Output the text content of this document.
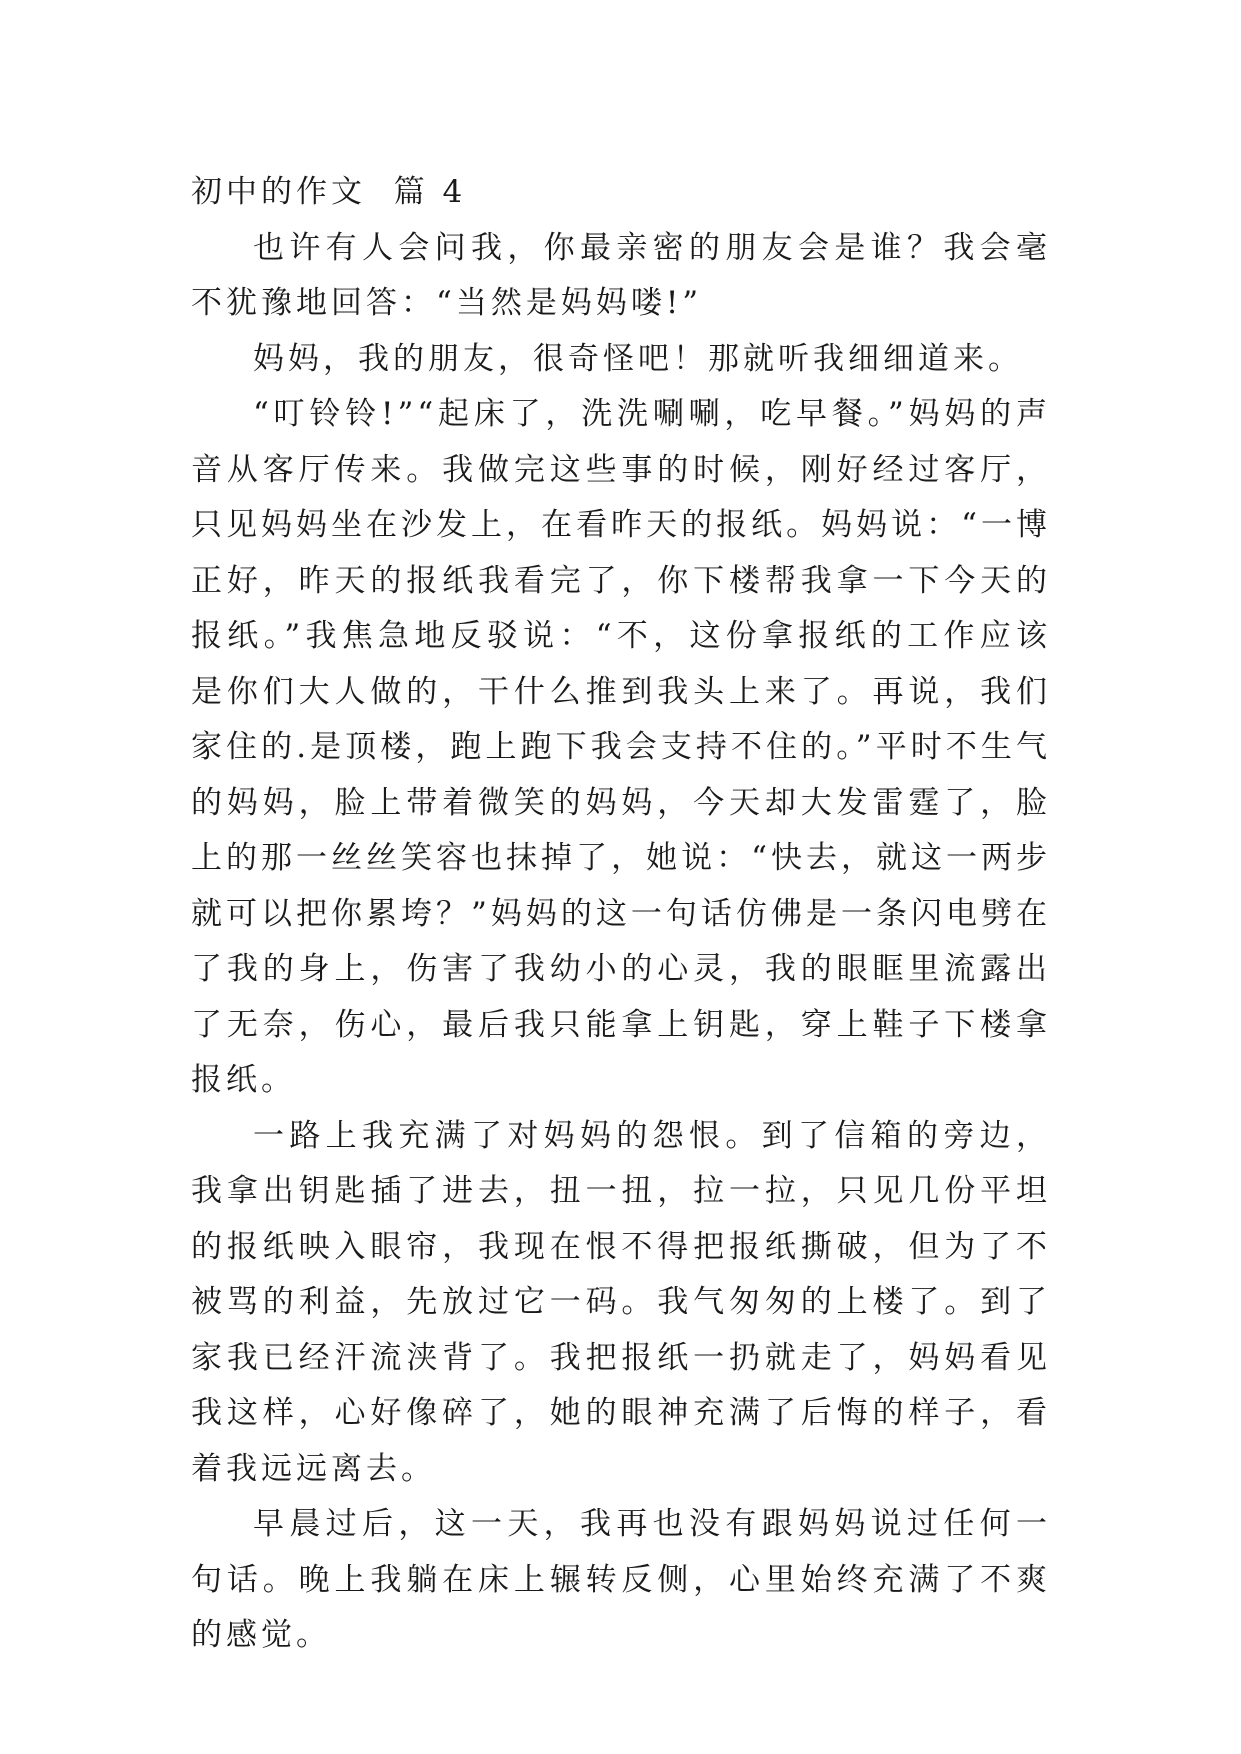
初中的作文  篇 4

也许有人会问我，你最亲密的朋友会是谁？我会毫不犹豫地回答：“当然是妈妈喽!”

妈妈，我的朋友，很奇怪吧！那就听我细细道来。

“叮铃铃!”“起床了，洗洗唰唰，吃早餐。”妈妈的声音从客厅传来。我做完这些事的时候，刚好经过客厅，只见妈妈坐在沙发上，在看昨天的报纸。妈妈说：“一博正好，昨天的报纸我看完了，你下楼帮我拿一下今天的报纸。”我焦急地反驳说：“不，这份拿报纸的工作应该是你们大人做的，干什么推到我头上来了。再说，我们家住的.是顶楼，跑上跑下我会支持不住的。”平时不生气的妈妈，脸上带着微笑的妈妈，今天却大发雷霆了，脸上的那一丝丝笑容也抹掉了，她说：“快去，就这一两步就可以把你累垮？”妈妈的这一句话仿佛是一条闪电劈在了我的身上，伤害了我幼小的心灵，我的眼眶里流露出了无奈，伤心，最后我只能拿上钥匙，穿上鞋子下楼拿报纸。

一路上我充满了对妈妈的怨恨。到了信箱的旁边，我拿出钥匙插了进去，扭一扭，拉一拉，只见几份平坦的报纸映入眼帘，我现在恨不得把报纸撕破，但为了不被骂的利益，先放过它一码。我气匆匆的上楼了。到了家我已经汗流浃背了。我把报纸一扔就走了，妈妈看见我这样，心好像碎了，她的眼神充满了后悔的样子，看着我远远离去。

早晨过后，这一天，我再也没有跟妈妈说过任何一句话。晚上我躺在床上辗转反侧，心里始终充满了不爽的感觉。
